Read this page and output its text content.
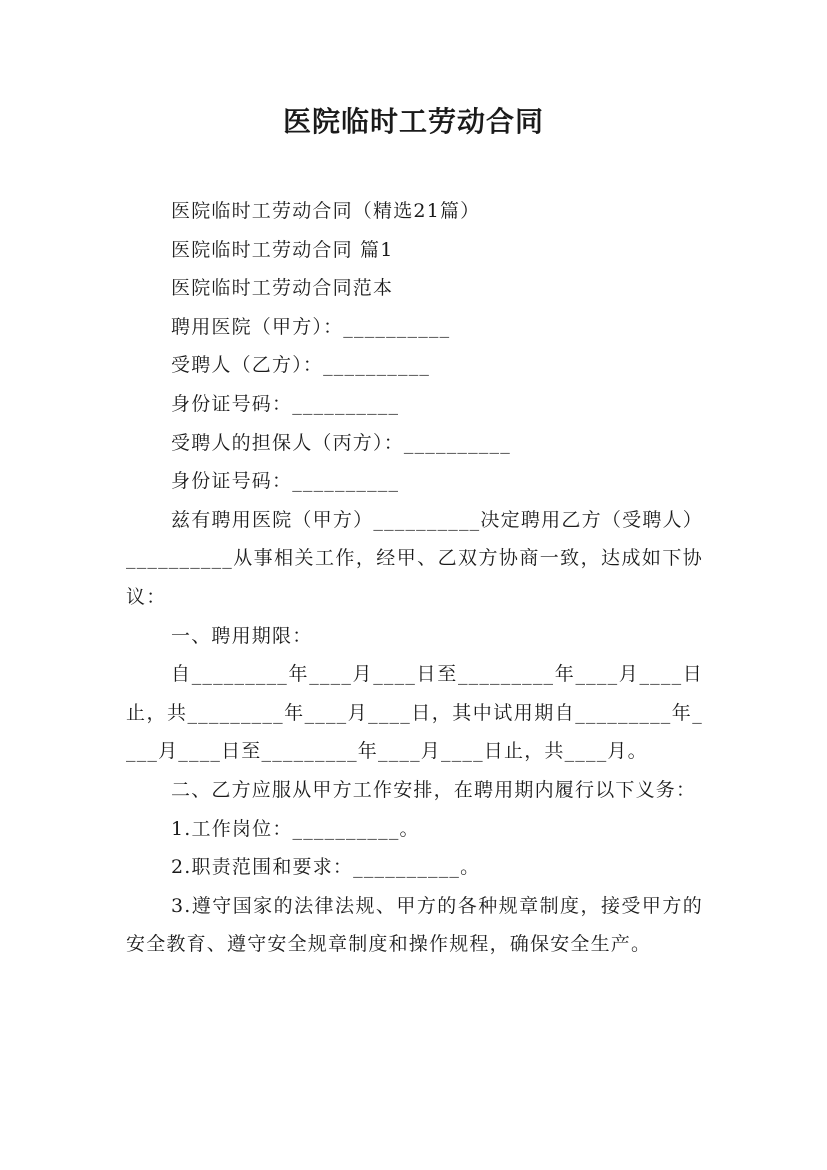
医院临时工劳动合同

医院临时工劳动合同（精选21篇）

医院临时工劳动合同 篇1

医院临时工劳动合同范本

聘用医院（甲方）：__________

受聘人（乙方）：__________

身份证号码：__________

受聘人的担保人（丙方）：__________

身份证号码：__________

兹有聘用医院（甲方）__________决定聘用乙方（受聘人）__________从事相关工作，经甲、乙双方协商一致，达成如下协议：

一、聘用期限：

自_________年____月____日至_________年____月____日止，共_________年____月____日，其中试用期自_________年____月____日至_________年____月____日止，共____月。

二、乙方应服从甲方工作安排，在聘用期内履行以下义务：

1.工作岗位：__________。

2.职责范围和要求：__________。

3.遵守国家的法律法规、甲方的各种规章制度，接受甲方的安全教育、遵守安全规章制度和操作规程，确保安全生产。
